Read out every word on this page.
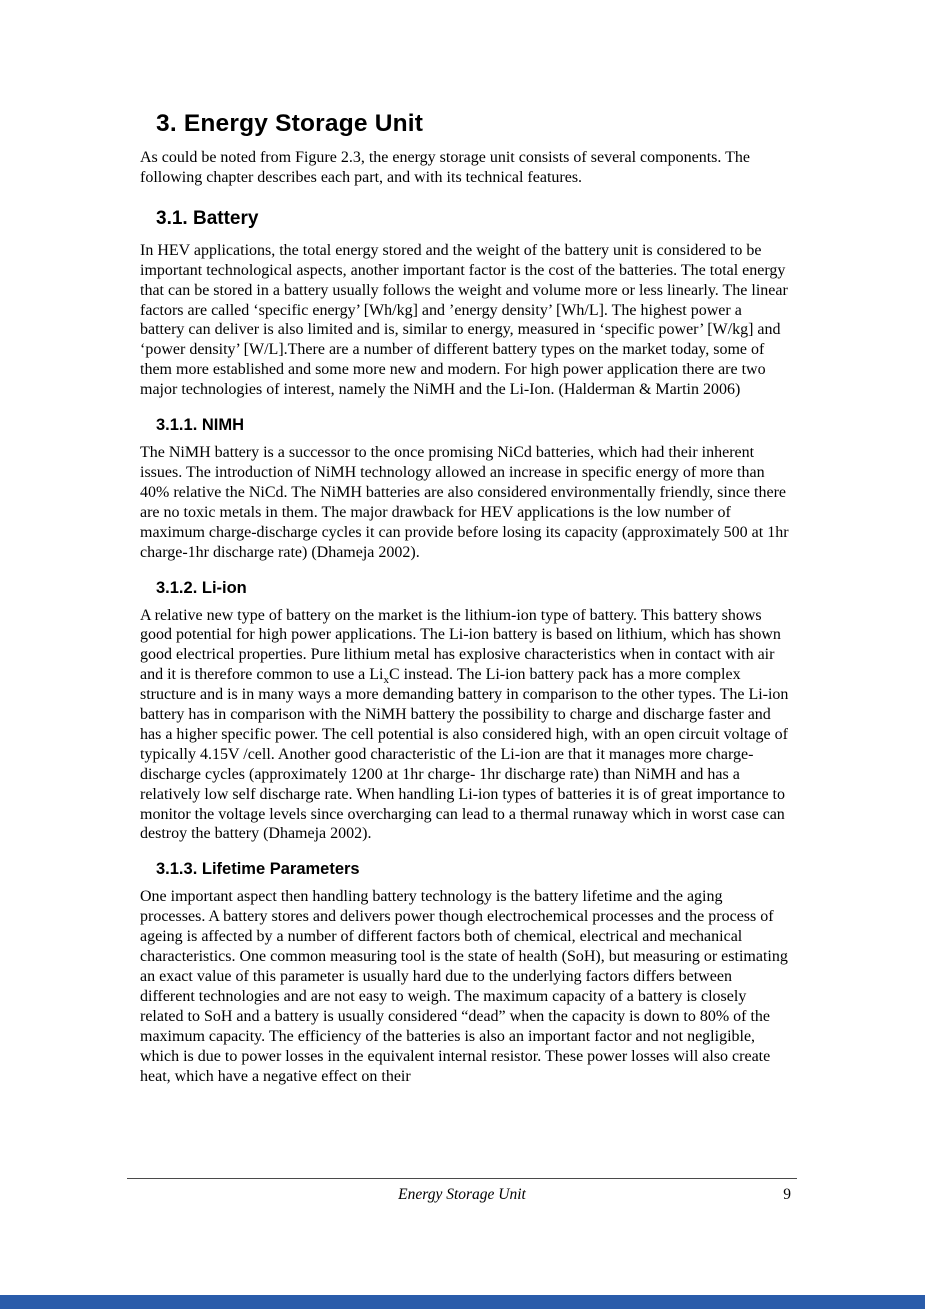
3. Energy Storage Unit

As could be noted from Figure 2.3, the energy storage unit consists of several components. The following chapter describes each part, and with its technical features.

3.1. Battery

In HEV applications, the total energy stored and the weight of the battery unit is considered to be important technological aspects, another important factor is the cost of the batteries. The total energy that can be stored in a battery usually follows the weight and volume more or less linearly. The linear factors are called ‘specific energy’ [Wh/kg] and ’energy density’ [Wh/L]. The highest power a battery can deliver is also limited and is, similar to energy, measured in ‘specific power’ [W/kg] and ‘power density’ [W/L].There are a number of different battery types on the market today, some of them more established and some more new and modern. For high power application there are two major technologies of interest, namely the NiMH and the Li-Ion. (Halderman & Martin 2006)

3.1.1. NIMH

The NiMH battery is a successor to the once promising NiCd batteries, which had their inherent issues. The introduction of NiMH technology allowed an increase in specific energy of more than 40% relative the NiCd. The NiMH batteries are also considered environmentally friendly, since there are no toxic metals in them. The major drawback for HEV applications is the low number of maximum charge-discharge cycles it can provide before losing its capacity (approximately 500 at 1hr charge-1hr discharge rate) (Dhameja 2002).

3.1.2. Li-ion

A relative new type of battery on the market is the lithium-ion type of battery. This battery shows good potential for high power applications. The Li-ion battery is based on lithium, which has shown good electrical properties. Pure lithium metal has explosive characteristics when in contact with air and it is therefore common to use a $Li_xC$ instead. The Li-ion battery pack has a more complex structure and is in many ways a more demanding battery in comparison to the other types. The Li-ion battery has in comparison with the NiMH battery the possibility to charge and discharge faster and has a higher specific power. The cell potential is also considered high, with an open circuit voltage of typically 4.15V /cell. Another good characteristic of the Li-ion are that it manages more charge-discharge cycles (approximately 1200 at 1hr charge- 1hr discharge rate) than NiMH and has a relatively low self discharge rate. When handling Li-ion types of batteries it is of great importance to monitor the voltage levels since overcharging can lead to a thermal runaway which in worst case can destroy the battery (Dhameja 2002).

3.1.3. Lifetime Parameters

One important aspect then handling battery technology is the battery lifetime and the aging processes. A battery stores and delivers power though electrochemical processes and the process of ageing is affected by a number of different factors both of chemical, electrical and mechanical characteristics. One common measuring tool is the state of health (SoH), but measuring or estimating an exact value of this parameter is usually hard due to the underlying factors differs between different technologies and are not easy to weigh. The maximum capacity of a battery is closely related to SoH and a battery is usually considered “dead” when the capacity is down to 80% of the maximum capacity. The efficiency of the batteries is also an important factor and not negligible, which is due to power losses in the equivalent internal resistor. These power losses will also create heat, which have a negative effect on their

Energy Storage Unit	9
